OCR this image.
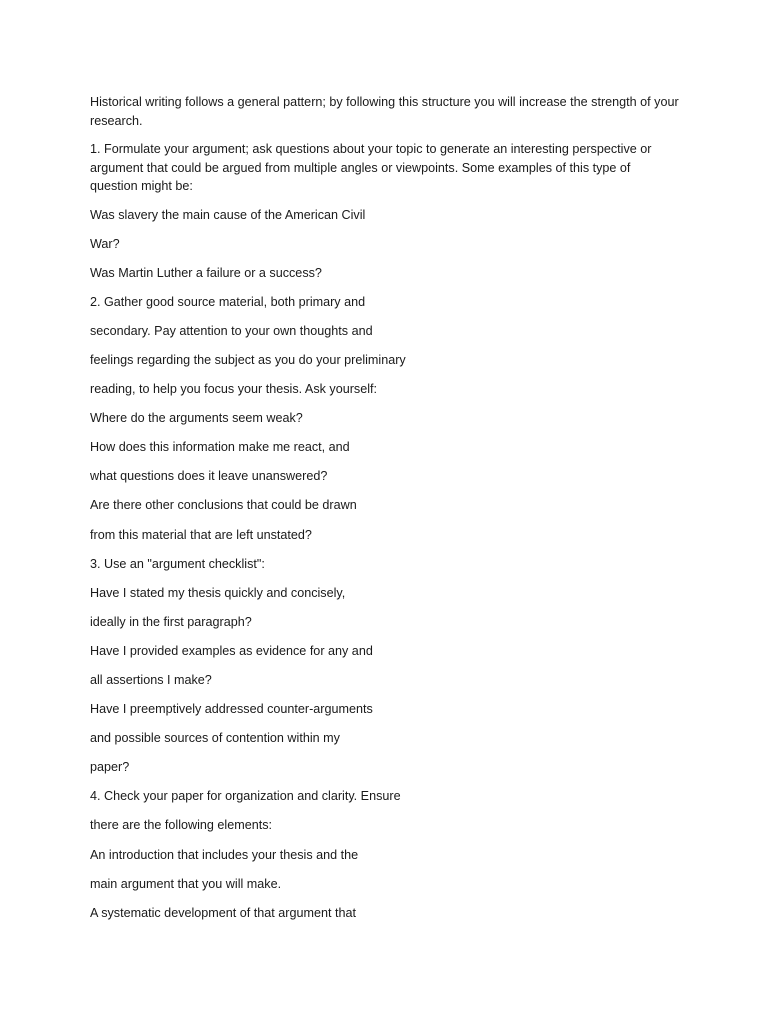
Historical writing follows a general pattern; by following this structure you will increase the strength of your research.

1. Formulate your argument; ask questions about your topic to generate an interesting perspective or argument that could be argued from multiple angles or viewpoints. Some examples of this type of question might be:

Was slavery the main cause of the American Civil

War?

Was Martin Luther a failure or a success?

2. Gather good source material, both primary and

secondary. Pay attention to your own thoughts and

feelings regarding the subject as you do your preliminary

reading, to help you focus your thesis. Ask yourself:

Where do the arguments seem weak?

How does this information make me react, and

what questions does it leave unanswered?

Are there other conclusions that could be drawn

from this material that are left unstated?

3. Use an "argument checklist":

Have I stated my thesis quickly and concisely,

ideally in the first paragraph?

Have I provided examples as evidence for any and

all assertions I make?

Have I preemptively addressed counter-arguments

and possible sources of contention within my

paper?

4. Check your paper for organization and clarity. Ensure

there are the following elements:

An introduction that includes your thesis and the

main argument that you will make.

A systematic development of that argument that
